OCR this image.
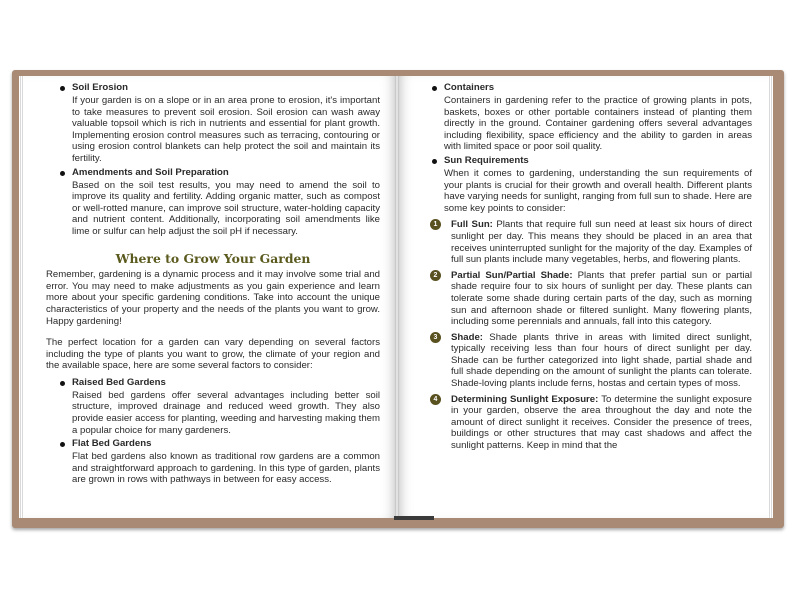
Soil Erosion

If your garden is on a slope or in an area prone to erosion, it's important to take measures to prevent soil erosion. Soil erosion can wash away valuable topsoil which is rich in nutrients and essential for plant growth. Implementing erosion control measures such as terracing, contouring or using erosion control blankets can help protect the soil and maintain its fertility.

Amendments and Soil Preparation

Based on the soil test results, you may need to amend the soil to improve its quality and fertility. Adding organic matter, such as compost or well-rotted manure, can improve soil structure, water-holding capacity and nutrient content. Additionally, incorporating soil amendments like lime or sulfur can help adjust the soil pH if necessary.

Where to Grow Your Garden

Remember, gardening is a dynamic process and it may involve some trial and error. You may need to make adjustments as you gain experience and learn more about your specific gardening conditions. Take into account the unique characteristics of your property and the needs of the plants you want to grow. Happy gardening!

The perfect location for a garden can vary depending on several factors including the type of plants you want to grow, the climate of your region and the available space, here are some several factors to consider:

Raised Bed Gardens

Raised bed gardens offer several advantages including better soil structure, improved drainage and reduced weed growth. They also provide easier access for planting, weeding and harvesting making them a popular choice for many gardeners.

Flat Bed Gardens

Flat bed gardens also known as traditional row gardens are a common and straightforward approach to gardening. In this type of garden, plants are grown in rows with pathways in between for easy access.

Containers

Containers in gardening refer to the practice of growing plants in pots, baskets, boxes or other portable containers instead of planting them directly in the ground. Container gardening offers several advantages including flexibility, space efficiency and the ability to garden in areas with limited space or poor soil quality.

Sun Requirements

When it comes to gardening, understanding the sun requirements of your plants is crucial for their growth and overall health. Different plants have varying needs for sunlight, ranging from full sun to shade. Here are some key points to consider:

1	Full Sun: Plants that require full sun need at least six hours of direct sunlight per day. This means they should be placed in an area that receives uninterrupted sunlight for the majority of the day. Examples of full sun plants include many vegetables, herbs, and flowering plants.

2	Partial Sun/Partial Shade: Plants that prefer partial sun or partial shade require four to six hours of sunlight per day. These plants can tolerate some shade during certain parts of the day, such as morning sun and afternoon shade or filtered sunlight. Many flowering plants, including some perennials and annuals, fall into this category.

3	Shade: Shade plants thrive in areas with limited direct sunlight, typically receiving less than four hours of direct sunlight per day. Shade can be further categorized into light shade, partial shade and full shade depending on the amount of sunlight the plants can tolerate. Shade-loving plants include ferns, hostas and certain types of moss.

4	Determining Sunlight Exposure: To determine the sunlight exposure in your garden, observe the area throughout the day and note the amount of direct sunlight it receives. Consider the presence of trees, buildings or other structures that may cast shadows and affect the sunlight patterns. Keep in mind that the
